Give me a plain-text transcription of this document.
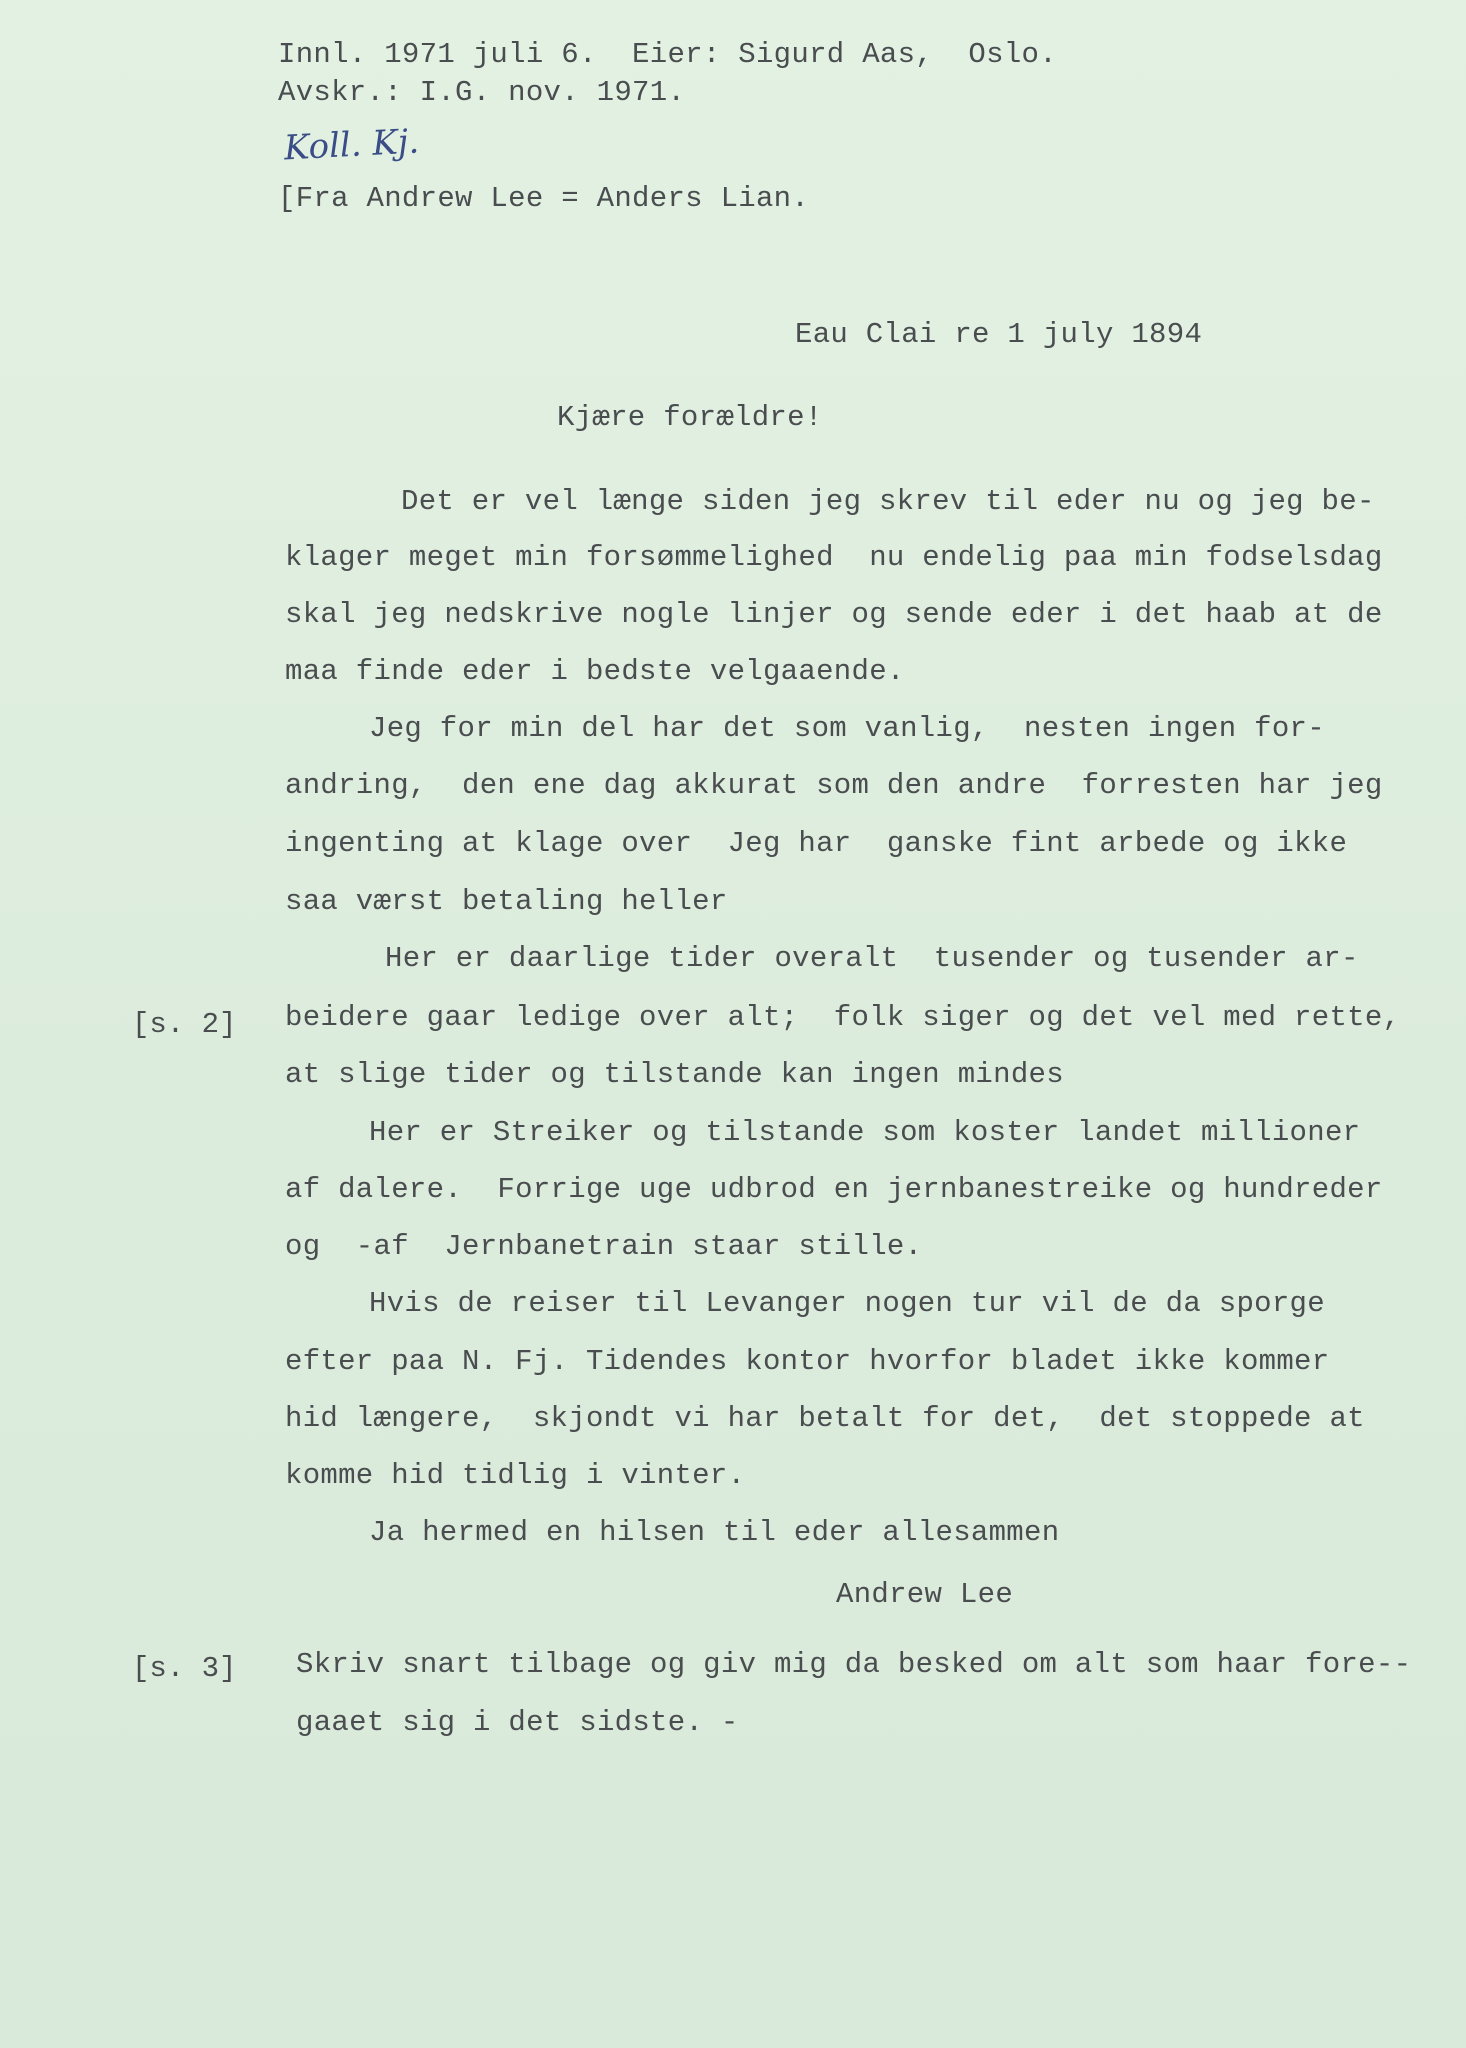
Innl. 1971 juli 6.  Eier: Sigurd Aas,  Oslo.
Avskr.: I.G. nov. 1971.
Koll. Kj.
[Fra Andrew Lee = Anders Lian.
Eau Clai re 1 july 1894
Kjære forældre!
Det er vel længe siden jeg skrev til eder nu og jeg be-
klager meget min forsømmelighed  nu endelig paa min fodselsdag
skal jeg nedskrive nogle linjer og sende eder i det haab at de
maa finde eder i bedste velgaaende.
Jeg for min del har det som vanlig,  nesten ingen for-
andring,  den ene dag akkurat som den andre  forresten har jeg
ingenting at klage over  Jeg har  ganske fint arbede og ikke
saa værst betaling heller
Her er daarlige tider overalt  tusender og tusender ar-
[s. 2] beidere gaar ledige over alt;  folk siger og det vel med rette,
at slige tider og tilstande kan ingen mindes
Her er Streiker og tilstande som koster landet millioner
af dalere.  Forrige uge udbrod en jernbanestreike og hundreder
og  -af  Jernbanetrain staar stille.
Hvis de reiser til Levanger nogen tur vil de da sporge
efter paa N. Fj. Tidendes kontor hvorfor bladet ikke kommer
hid længere,  skjondt vi har betalt for det,  det stoppede at
komme hid tidlig i vinter.
Ja hermed en hilsen til eder allesammen
Andrew Lee
[s. 3] Skriv snart tilbage og giv mig da besked om alt som haar fore--
gaaet sig i det sidste. -
